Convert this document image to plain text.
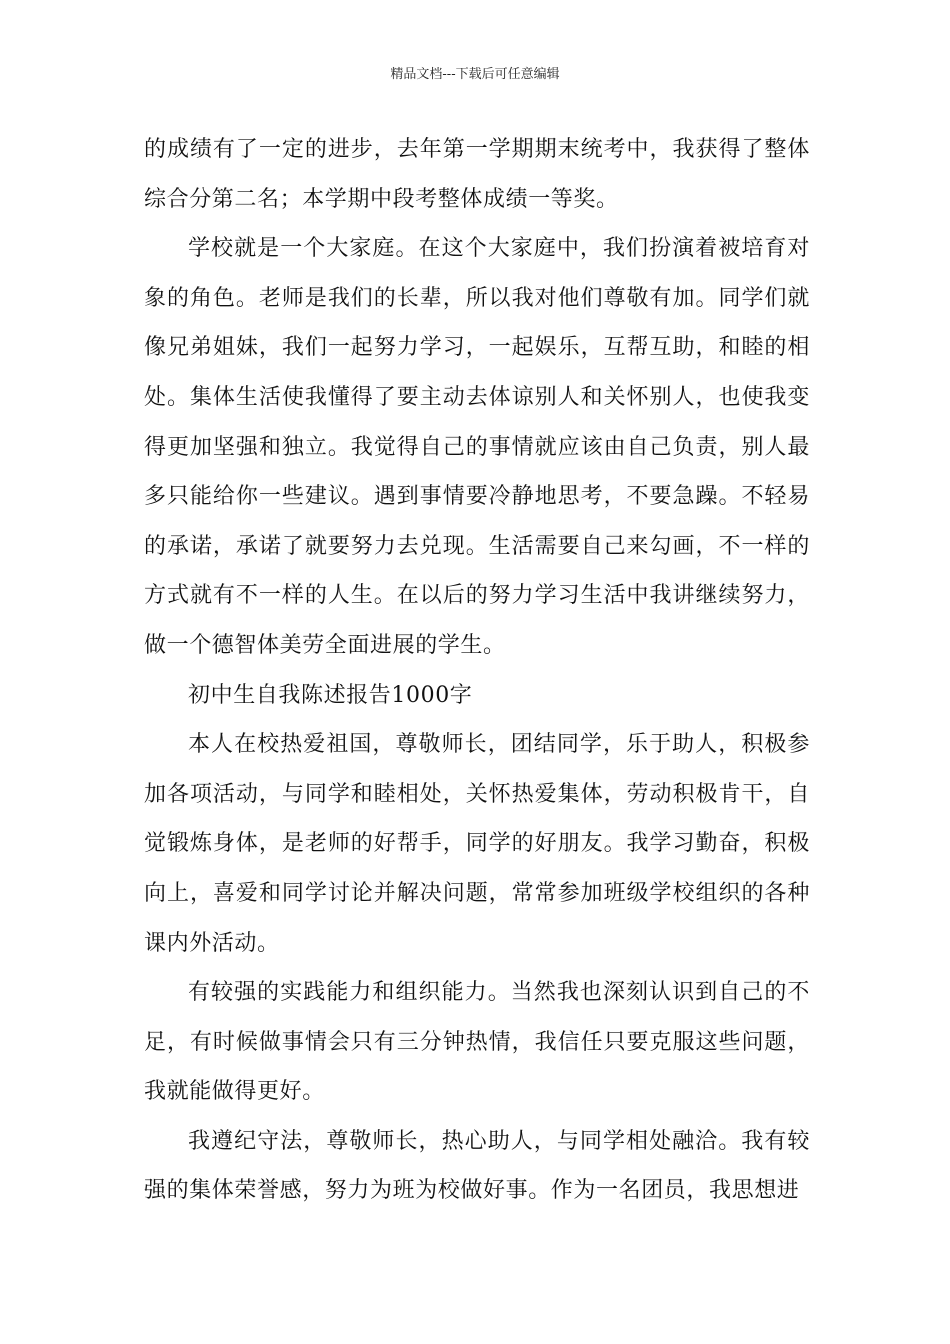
精品文档---下载后可任意编辑

的成绩有了一定的进步，去年第一学期期末统考中，我获得了整体综合分第二名；本学期中段考整体成绩一等奖。

学校就是一个大家庭。在这个大家庭中，我们扮演着被培育对象的角色。老师是我们的长辈，所以我对他们尊敬有加。同学们就像兄弟姐妹，我们一起努力学习，一起娱乐，互帮互助，和睦的相处。集体生活使我懂得了要主动去体谅别人和关怀别人，也使我变得更加坚强和独立。我觉得自己的事情就应该由自己负责，别人最多只能给你一些建议。遇到事情要冷静地思考，不要急躁。不轻易的承诺，承诺了就要努力去兑现。生活需要自己来勾画，不一样的方式就有不一样的人生。在以后的努力学习生活中我讲继续努力，做一个德智体美劳全面进展的学生。

初中生自我陈述报告1000字

本人在校热爱祖国，尊敬师长，团结同学，乐于助人，积极参加各项活动，与同学和睦相处，关怀热爱集体，劳动积极肯干，自觉锻炼身体，是老师的好帮手，同学的好朋友。我学习勤奋，积极向上，喜爱和同学讨论并解决问题，常常参加班级学校组织的各种课内外活动。

有较强的实践能力和组织能力。当然我也深刻认识到自己的不足，有时候做事情会只有三分钟热情，我信任只要克服这些问题，我就能做得更好。

我遵纪守法，尊敬师长，热心助人，与同学相处融洽。我有较强的集体荣誉感，努力为班为校做好事。作为一名团员，我思想进
